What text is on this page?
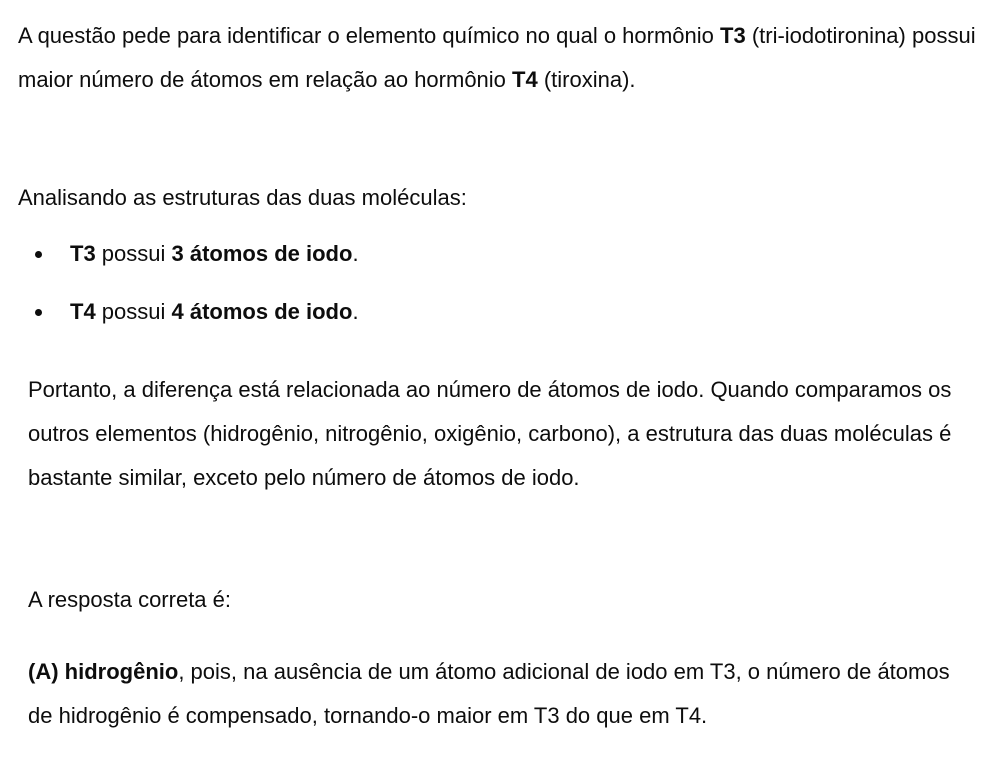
A questão pede para identificar o elemento químico no qual o hormônio T3 (tri-iodotironina) possui maior número de átomos em relação ao hormônio T4 (tiroxina).

Analisando as estruturas das duas moléculas:

T3 possui 3 átomos de iodo.
T4 possui 4 átomos de iodo.

Portanto, a diferença está relacionada ao número de átomos de iodo. Quando comparamos os outros elementos (hidrogênio, nitrogênio, oxigênio, carbono), a estrutura das duas moléculas é bastante similar, exceto pelo número de átomos de iodo.

A resposta correta é:

(A) hidrogênio, pois, na ausência de um átomo adicional de iodo em T3, o número de átomos de hidrogênio é compensado, tornando-o maior em T3 do que em T4.
